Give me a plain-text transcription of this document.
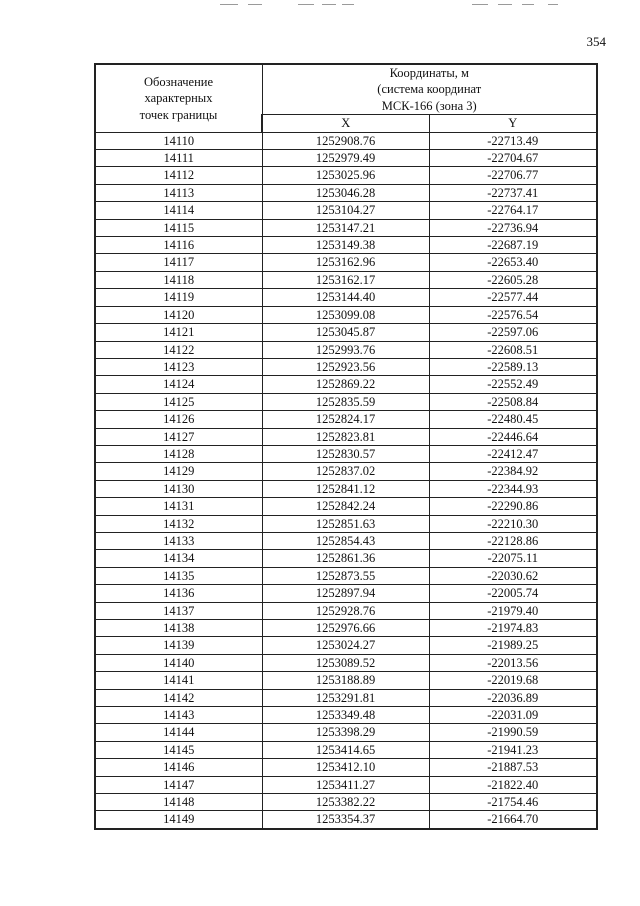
354
Обозначение
характерных
точек границы	Координаты, м
(система координат
МСК-166 (зона 3)	

	X	Y
14110	1252908.76	-22713.49
14111	1252979.49	-22704.67
14112	1253025.96	-22706.77
14113	1253046.28	-22737.41
14114	1253104.27	-22764.17
14115	1253147.21	-22736.94
14116	1253149.38	-22687.19
14117	1253162.96	-22653.40
14118	1253162.17	-22605.28
14119	1253144.40	-22577.44
14120	1253099.08	-22576.54
14121	1253045.87	-22597.06
14122	1252993.76	-22608.51
14123	1252923.56	-22589.13
14124	1252869.22	-22552.49
14125	1252835.59	-22508.84
14126	1252824.17	-22480.45
14127	1252823.81	-22446.64
14128	1252830.57	-22412.47
14129	1252837.02	-22384.92
14130	1252841.12	-22344.93
14131	1252842.24	-22290.86
14132	1252851.63	-22210.30
14133	1252854.43	-22128.86
14134	1252861.36	-22075.11
14135	1252873.55	-22030.62
14136	1252897.94	-22005.74
14137	1252928.76	-21979.40
14138	1252976.66	-21974.83
14139	1253024.27	-21989.25
14140	1253089.52	-22013.56
14141	1253188.89	-22019.68
14142	1253291.81	-22036.89
14143	1253349.48	-22031.09
14144	1253398.29	-21990.59
14145	1253414.65	-21941.23
14146	1253412.10	-21887.53
14147	1253411.27	-21822.40
14148	1253382.22	-21754.46
14149	1253354.37	-21664.70
